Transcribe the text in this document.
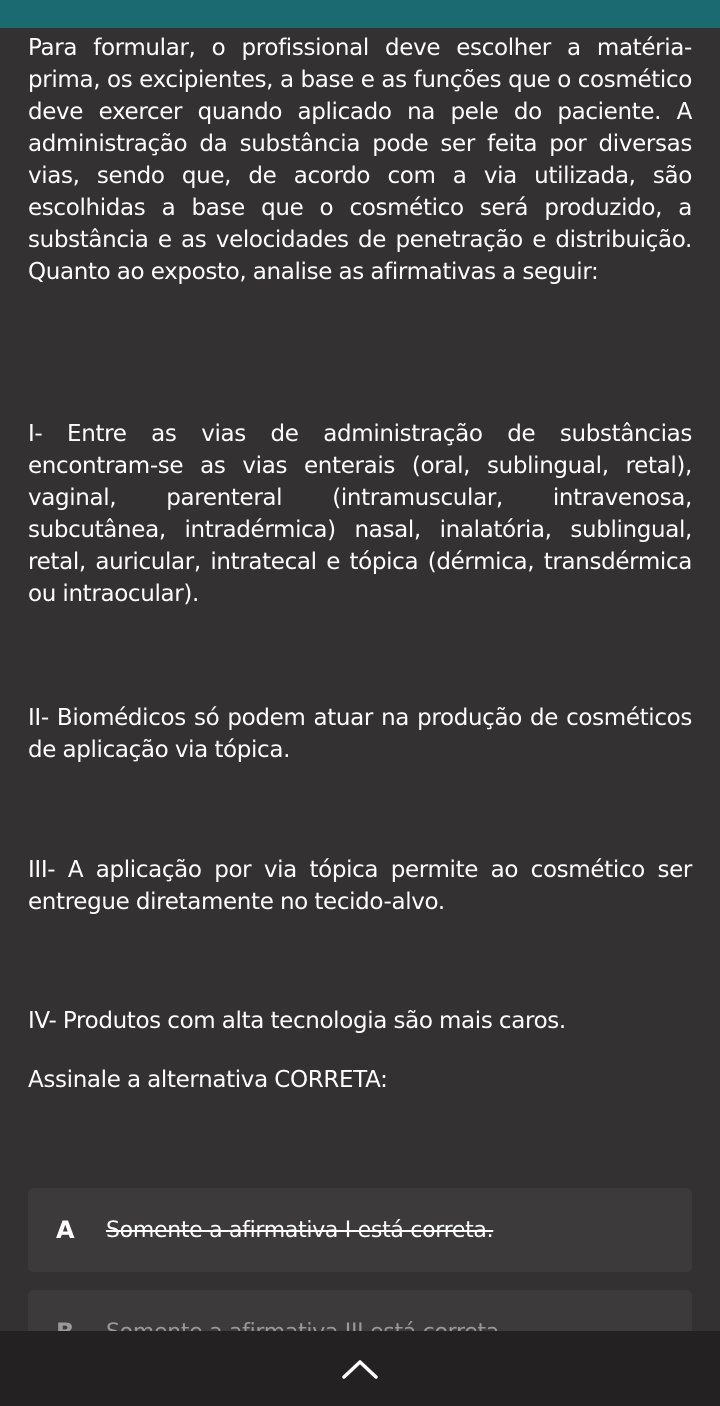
Para formular, o profissional deve escolher a matéria-prima, os excipientes, a base e as funções que o cosmético deve exercer quando aplicado na pele do paciente. A administração da substância pode ser feita por diversas vias, sendo que, de acordo com a via utilizada, são escolhidas a base que o cosmético será produzido, a substância e as velocidades de penetração e distribuição. Quanto ao exposto, analise as afirmativas a seguir:

I- Entre as vias de administração de substâncias encontram-se as vias enterais (oral, sublingual, retal), vaginal, parenteral (intramuscular, intravenosa, subcutânea, intradérmica) nasal, inalatória, sublingual, retal, auricular, intratecal e tópica (dérmica, transdérmica ou intraocular).

II- Biomédicos só podem atuar na produção de cosméticos de aplicação via tópica.

III- A aplicação por via tópica permite ao cosmético ser entregue diretamente no tecido-alvo.

IV- Produtos com alta tecnologia são mais caros.

Assinale a alternativa CORRETA:

A	Somente a afirmativa I está correta.
